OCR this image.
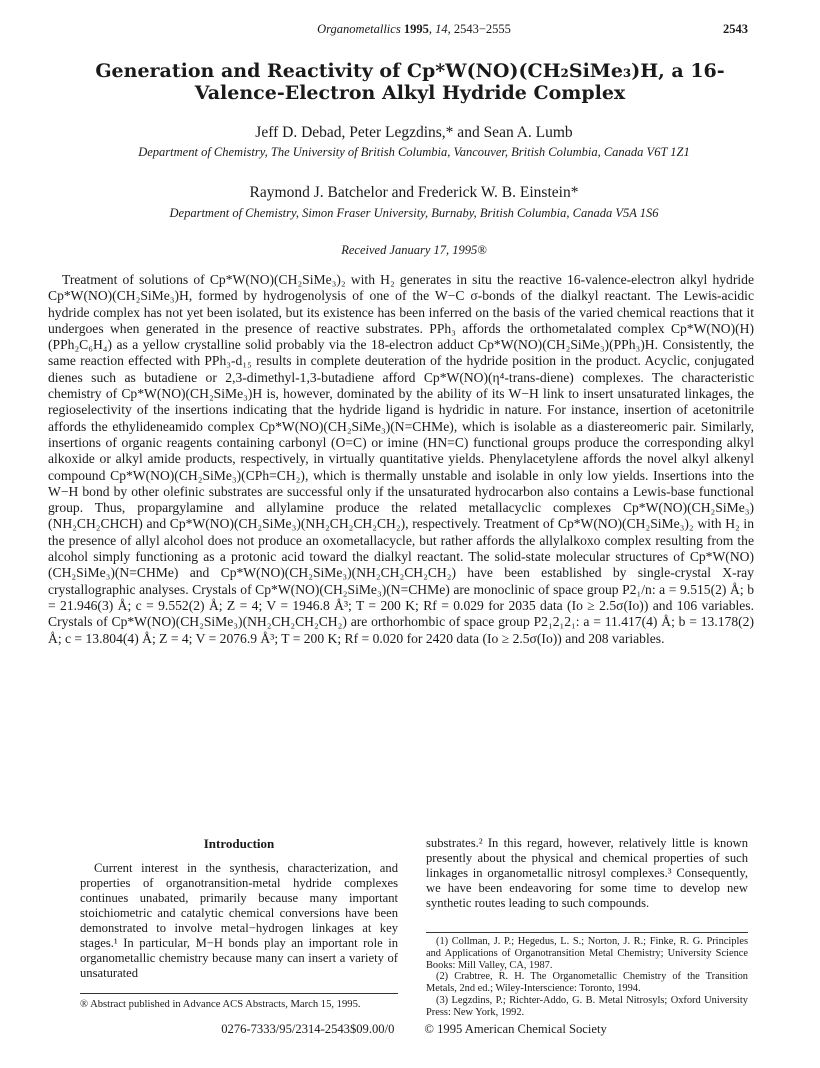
Organometallics 1995, 14, 2543−2555	2543
Generation and Reactivity of Cp*W(NO)(CH₂SiMe₃)H, a 16-Valence-Electron Alkyl Hydride Complex
Jeff D. Debad, Peter Legzdins,* and Sean A. Lumb
Department of Chemistry, The University of British Columbia, Vancouver, British Columbia, Canada V6T 1Z1
Raymond J. Batchelor and Frederick W. B. Einstein*
Department of Chemistry, Simon Fraser University, Burnaby, British Columbia, Canada V5A 1S6
Received January 17, 1995®

Treatment of solutions of Cp*W(NO)(CH₂SiMe₃)₂ with H₂ generates in situ the reactive 16-valence-electron alkyl hydride Cp*W(NO)(CH₂SiMe₃)H, formed by hydrogenolysis of one of the W−C σ-bonds of the dialkyl reactant. The Lewis-acidic hydride complex has not yet been isolated, but its existence has been inferred on the basis of the varied chemical reactions that it undergoes when generated in the presence of reactive substrates. PPh₃ affords the orthometalated complex Cp*W(NO)(H)(PPh₂C₆H₄) as a yellow crystalline solid probably via the 18-electron adduct Cp*W(NO)(CH₂SiMe₃)(PPh₃)H. Consistently, the same reaction effected with PPh₃-d₁₅ results in complete deuteration of the hydride position in the product. Acyclic, conjugated dienes such as butadiene or 2,3-dimethyl-1,3-butadiene afford Cp*W(NO)(η⁴-trans-diene) complexes. The characteristic chemistry of Cp*W(NO)(CH₂SiMe₃)H is, however, dominated by the ability of its W−H link to insert unsaturated linkages, the regioselectivity of the insertions indicating that the hydride ligand is hydridic in nature. For instance, insertion of acetonitrile affords the ethylideneamido complex Cp*W(NO)(CH₂SiMe₃)(N=CHMe), which is isolable as a diastereomeric pair. Similarly, insertions of organic reagents containing carbonyl (O=C) or imine (HN=C) functional groups produce the corresponding alkyl alkoxide or alkyl amide products, respectively, in virtually quantitative yields. Phenylacetylene affords the novel alkyl alkenyl compound Cp*W(NO)(CH₂SiMe₃)(CPh=CH₂), which is thermally unstable and isolable in only low yields. Insertions into the W−H bond by other olefinic substrates are successful only if the unsaturated hydrocarbon also contains a Lewis-base functional group. Thus, propargylamine and allylamine produce the related metallacyclic complexes Cp*W(NO)(CH₂SiMe₃)(NH₂CH₂CHCH) and Cp*W(NO)(CH₂SiMe₃)(NH₂CH₂CH₂CH₂), respectively. Treatment of Cp*W(NO)(CH₂SiMe₃)₂ with H₂ in the presence of allyl alcohol does not produce an oxometallacycle, but rather affords the allylalkoxo complex resulting from the alcohol simply functioning as a protonic acid toward the dialkyl reactant. The solid-state molecular structures of Cp*W(NO)(CH₂SiMe₃)(N=CHMe) and Cp*W(NO)(CH₂SiMe₃)(NH₂CH₂CH₂CH₂) have been established by single-crystal X-ray crystallographic analyses. Crystals of Cp*W(NO)(CH₂SiMe₃)(N=CHMe) are monoclinic of space group P2₁/n: a = 9.515(2) Å; b = 21.946(3) Å; c = 9.552(2) Å; Z = 4; V = 1946.8 Å³; T = 200 K; Rf = 0.029 for 2035 data (Io ≥ 2.5σ(Io)) and 106 variables. Crystals of Cp*W(NO)(CH₂SiMe₃)(NH₂CH₂CH₂CH₂) are orthorhombic of space group P2₁2₁2₁: a = 11.417(4) Å; b = 13.178(2) Å; c = 13.804(4) Å; Z = 4; V = 2076.9 Å³; T = 200 K; Rf = 0.020 for 2420 data (Io ≥ 2.5σ(Io)) and 208 variables.

Introduction

Current interest in the synthesis, characterization, and properties of organotransition-metal hydride complexes continues unabated, primarily because many important stoichiometric and catalytic chemical conversions have been demonstrated to involve metal−hydrogen linkages at key stages.¹ In particular, M−H bonds play an important role in organometallic chemistry because many can insert a variety of unsaturated

substrates.² In this regard, however, relatively little is known presently about the physical and chemical properties of such linkages in organometallic nitrosyl complexes.³ Consequently, we have been endeavoring for some time to develop new synthetic routes leading to such compounds.

® Abstract published in Advance ACS Abstracts, March 15, 1995.

(1) Collman, J. P.; Hegedus, L. S.; Norton, J. R.; Finke, R. G. Principles and Applications of Organotransition Metal Chemistry; University Science Books: Mill Valley, CA, 1987.

(2) Crabtree, R. H. The Organometallic Chemistry of the Transition Metals, 2nd ed.; Wiley-Interscience: Toronto, 1994.

(3) Legzdins, P.; Richter-Addo, G. B. Metal Nitrosyls; Oxford University Press: New York, 1992.

0276-7333/95/2314-2543$09.00/0 © 1995 American Chemical Society
